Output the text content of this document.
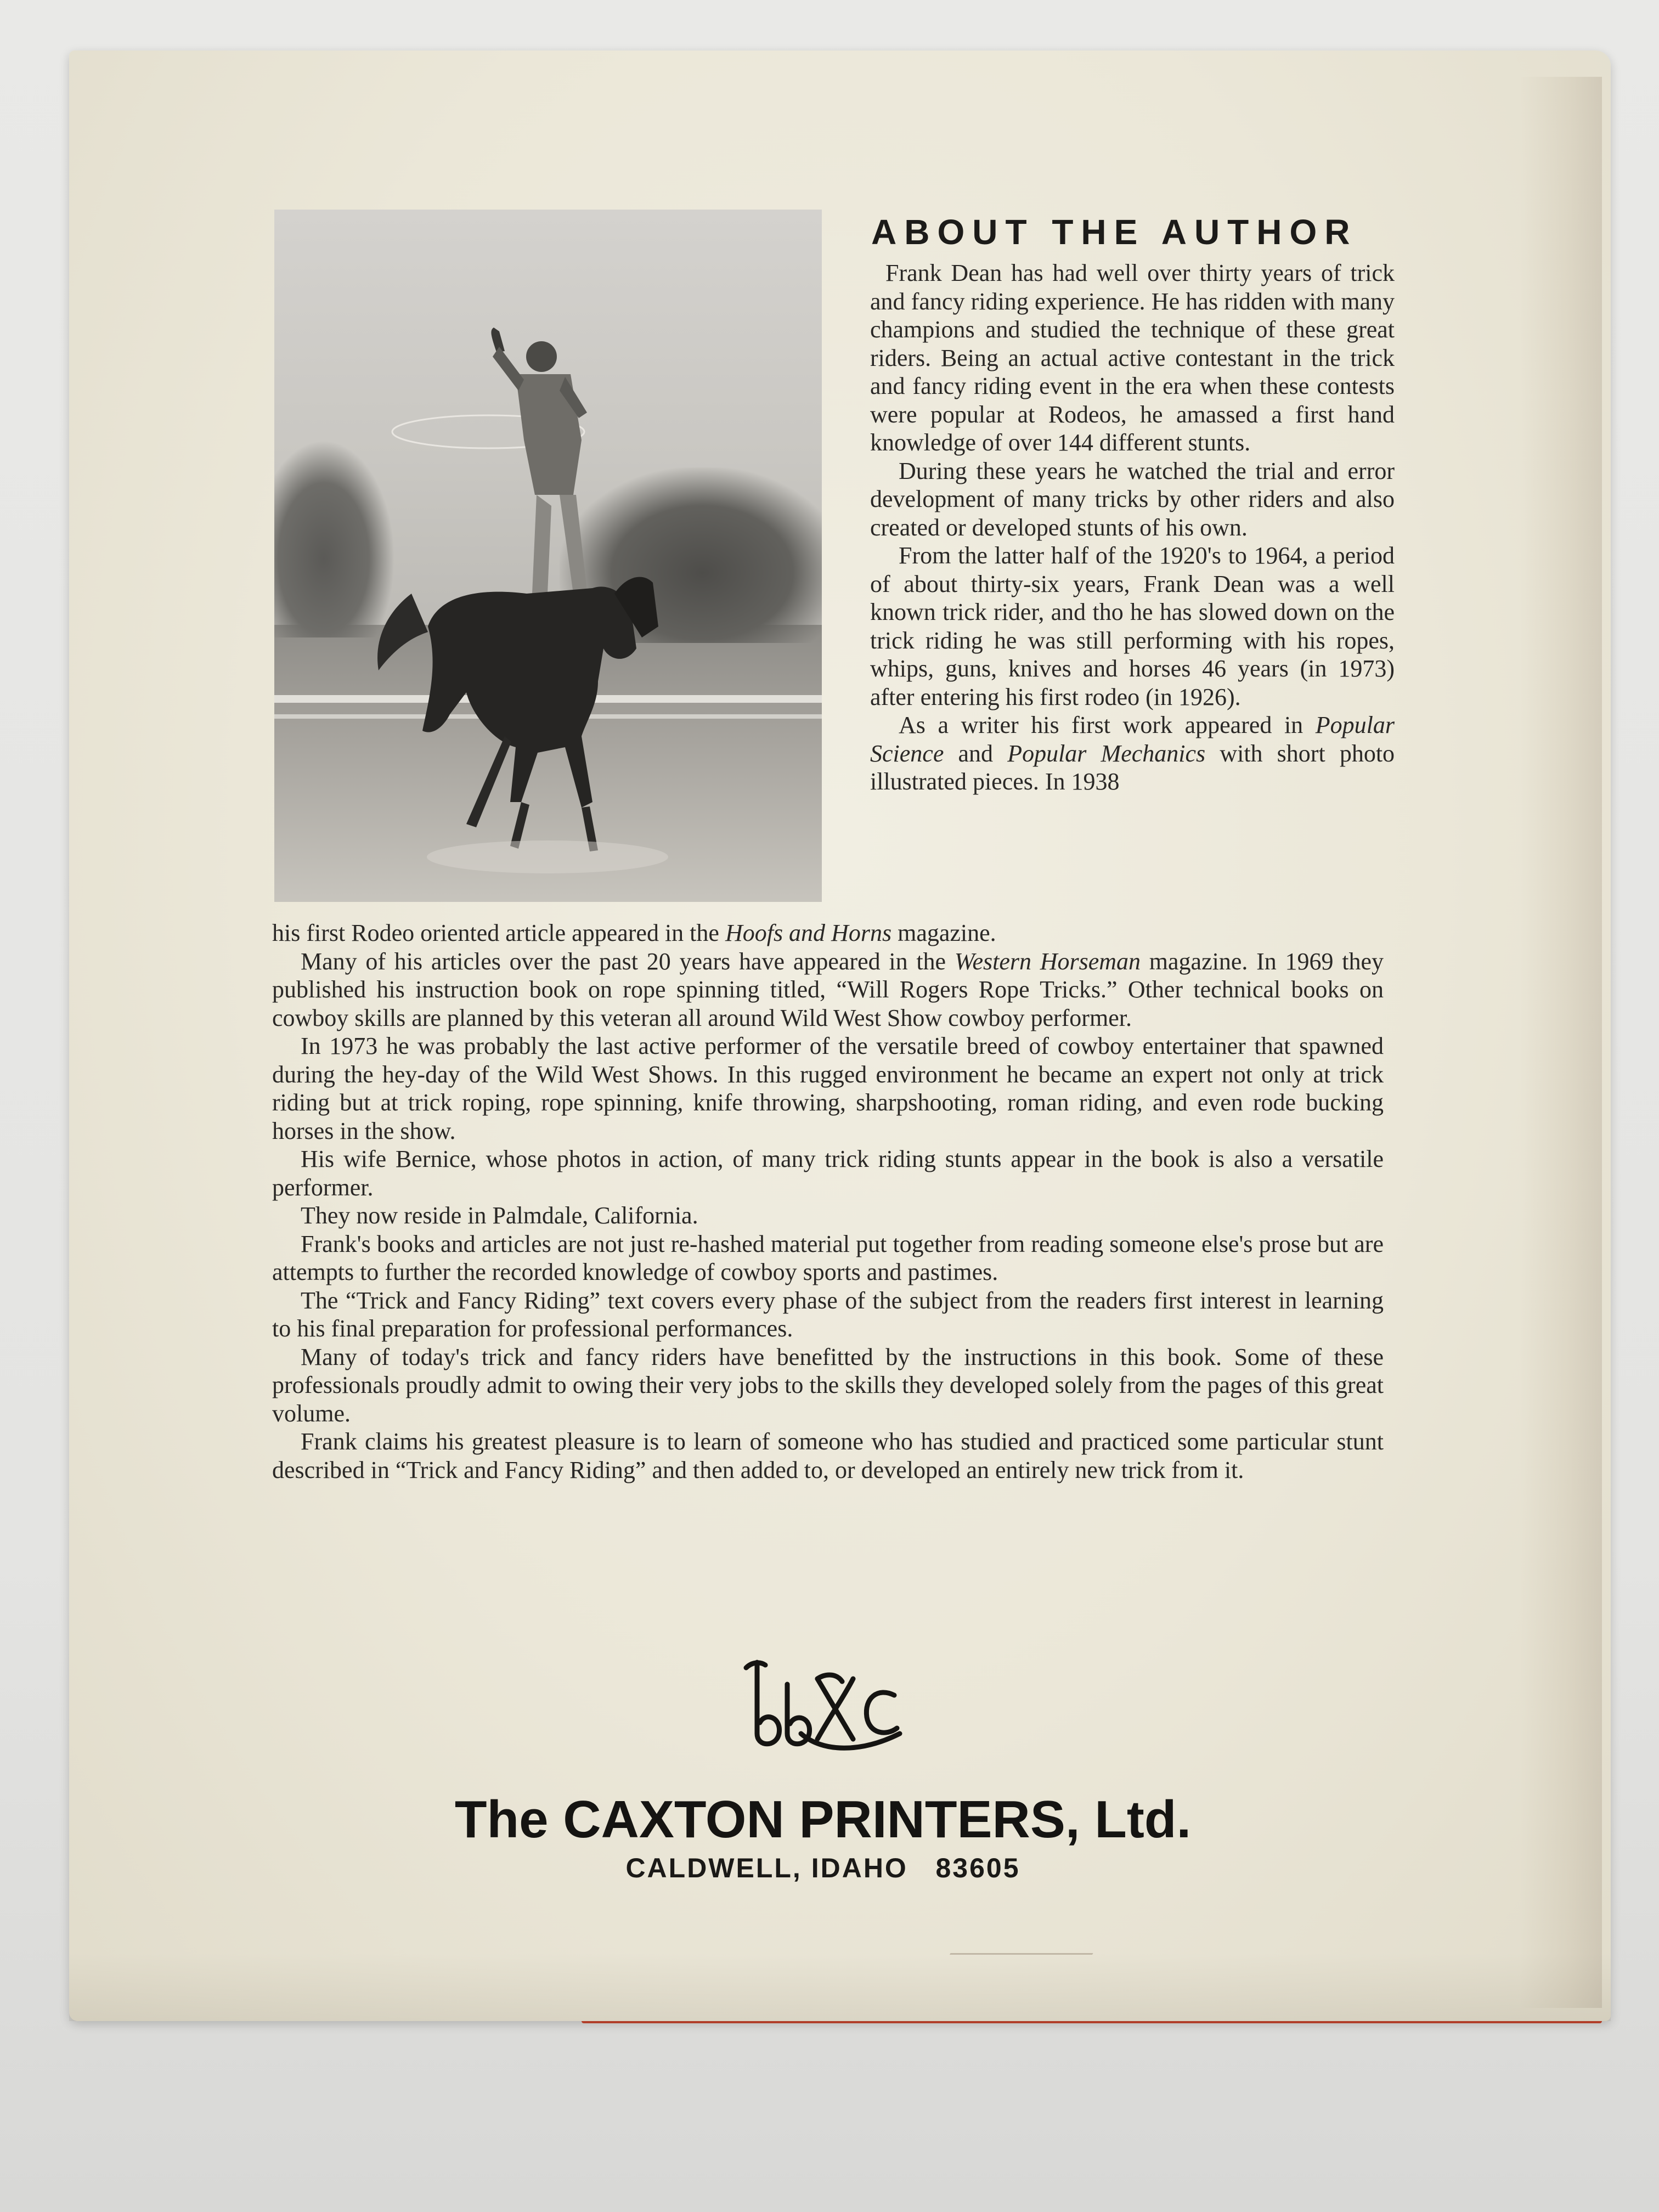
ABOUT THE AUTHOR

Frank Dean has had well over thirty years of trick and fancy riding experience. He has ridden with many champions and studied the technique of these great riders. Being an actual active contestant in the trick and fancy riding event in the era when these contests were popular at Rodeos, he amassed a first hand knowledge of over 144 different stunts.

During these years he watched the trial and error development of many tricks by other riders and also created or developed stunts of his own.

From the latter half of the 1920's to 1964, a period of about thirty-six years, Frank Dean was a well known trick rider, and tho he has slowed down on the trick riding he was still performing with his ropes, whips, guns, knives and horses 46 years (in 1973) after entering his first rodeo (in 1926).

As a writer his first work appeared in Popular Science and Popular Mechanics with short photo illustrated pieces. In 1938

his first Rodeo oriented article appeared in the Hoofs and Horns magazine.

Many of his articles over the past 20 years have appeared in the Western Horseman magazine. In 1969 they published his instruction book on rope spinning titled, “Will Rogers Rope Tricks.” Other technical books on cowboy skills are planned by this veteran all around Wild West Show cowboy performer.

In 1973 he was probably the last active performer of the versatile breed of cowboy entertainer that spawned during the hey-day of the Wild West Shows. In this rugged environment he became an expert not only at trick riding but at trick roping, rope spinning, knife throwing, sharpshooting, roman riding, and even rode bucking horses in the show.

His wife Bernice, whose photos in action, of many trick riding stunts appear in the book is also a versatile performer.

They now reside in Palmdale, California.

Frank's books and articles are not just re-hashed material put together from reading someone else's prose but are attempts to further the recorded knowledge of cowboy sports and pastimes.

The “Trick and Fancy Riding” text covers every phase of the subject from the readers first interest in learning to his final preparation for professional performances.

Many of today's trick and fancy riders have benefitted by the instructions in this book. Some of these professionals proudly admit to owing their very jobs to the skills they developed solely from the pages of this great volume.

Frank claims his greatest pleasure is to learn of someone who has studied and practiced some particular stunt described in “Trick and Fancy Riding” and then added to, or developed an entirely new trick from it.

The CAXTON PRINTERS, Ltd.

CALDWELL, IDAHO   83605
